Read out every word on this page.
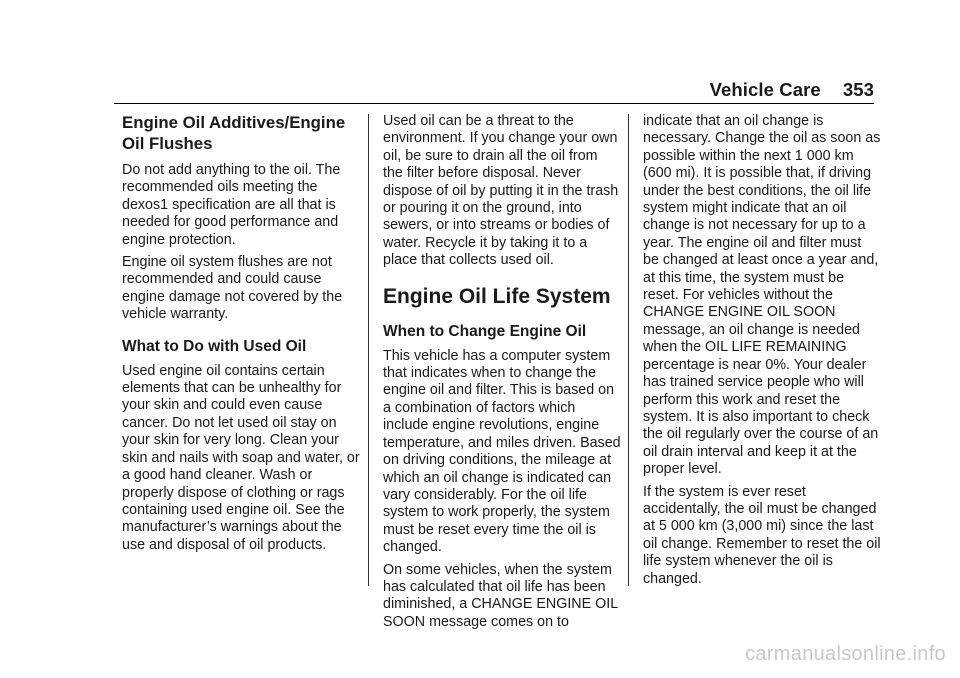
Vehicle Care 353
Engine Oil Additives/Engine Oil Flushes

Do not add anything to the oil. The recommended oils meeting the dexos1 specification are all that is needed for good performance and engine protection.

Engine oil system flushes are not recommended and could cause engine damage not covered by the vehicle warranty.

What to Do with Used Oil

Used engine oil contains certain elements that can be unhealthy for your skin and could even cause cancer. Do not let used oil stay on your skin for very long. Clean your skin and nails with soap and water, or a good hand cleaner. Wash or properly dispose of clothing or rags containing used engine oil. See the manufacturer’s warnings about the use and disposal of oil products.

Used oil can be a threat to the environment. If you change your own oil, be sure to drain all the oil from the filter before disposal. Never dispose of oil by putting it in the trash or pouring it on the ground, into sewers, or into streams or bodies of water. Recycle it by taking it to a place that collects used oil.

Engine Oil Life System
When to Change Engine Oil

This vehicle has a computer system that indicates when to change the engine oil and filter. This is based on a combination of factors which include engine revolutions, engine temperature, and miles driven. Based on driving conditions, the mileage at which an oil change is indicated can vary considerably. For the oil life system to work properly, the system must be reset every time the oil is changed.

On some vehicles, when the system has calculated that oil life has been diminished, a CHANGE ENGINE OIL SOON message comes on to

indicate that an oil change is necessary. Change the oil as soon as possible within the next 1 000 km (600 mi). It is possible that, if driving under the best conditions, the oil life system might indicate that an oil change is not necessary for up to a year. The engine oil and filter must be changed at least once a year and, at this time, the system must be reset. For vehicles without the CHANGE ENGINE OIL SOON message, an oil change is needed when the OIL LIFE REMAINING percentage is near 0%. Your dealer has trained service people who will perform this work and reset the system. It is also important to check the oil regularly over the course of an oil drain interval and keep it at the proper level.

If the system is ever reset accidentally, the oil must be changed at 5 000 km (3,000 mi) since the last oil change. Remember to reset the oil life system whenever the oil is changed.

carmanualsonline.info
